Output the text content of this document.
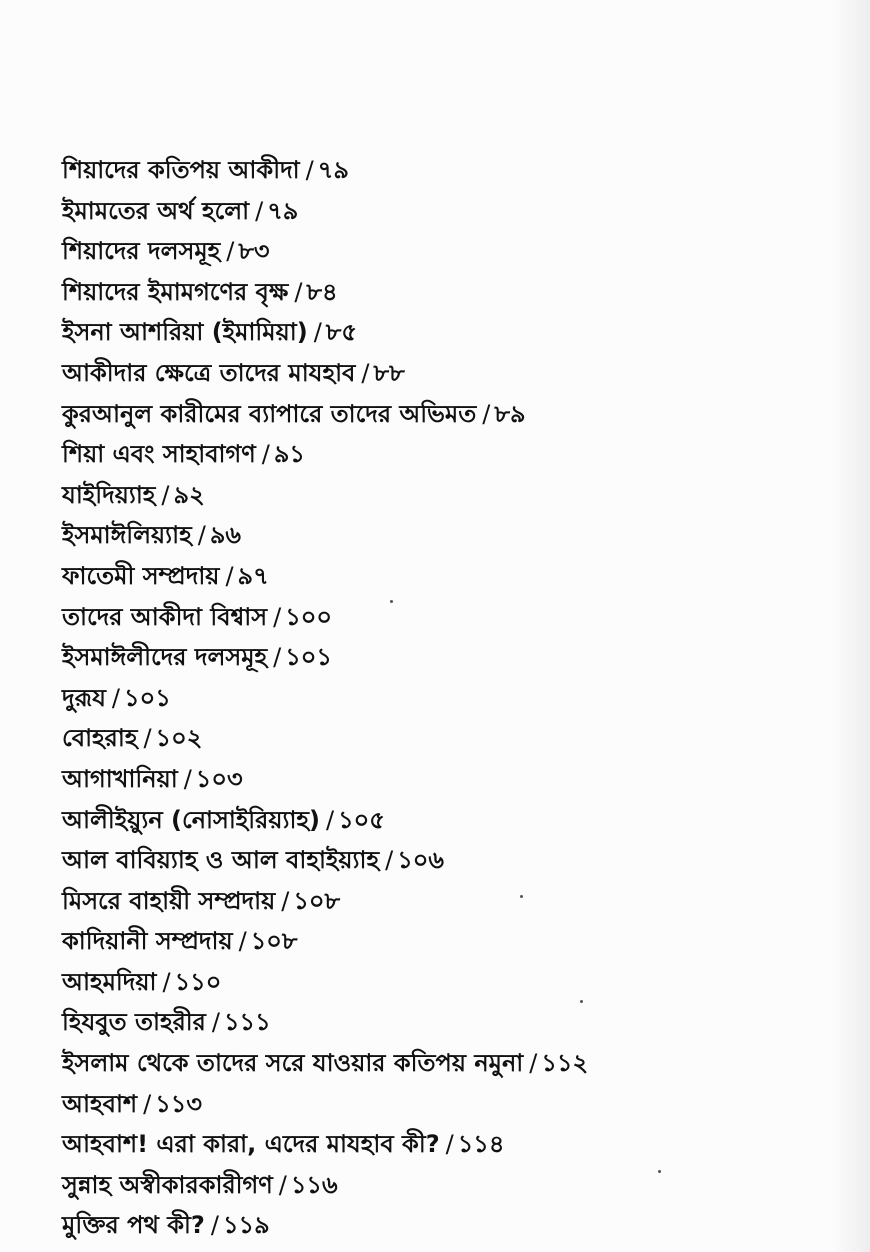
শিয়াদের কতিপয় আকীদা / ৭৯
ইমামতের অর্থ হলো / ৭৯
শিয়াদের দলসমূহ / ৮৩
শিয়াদের ইমামগণের বৃক্ষ / ৮৪
ইসনা আশরিয়া (ইমামিয়া) / ৮৫
আকীদার ক্ষেত্রে তাদের মাযহাব / ৮৮
কুরআনুল কারীমের ব্যাপারে তাদের অভিমত / ৮৯
শিয়া এবং সাহাবাগণ / ৯১
যাইদিয়্যাহ / ৯২
ইসমাঈলিয়্যাহ / ৯৬
ফাতেমী সম্প্রদায় / ৯৭
তাদের আকীদা বিশ্বাস / ১০০
ইসমাঈলীদের দলসমূহ / ১০১
দুরূয / ১০১
বোহরাহ / ১০২
আগাখানিয়া / ১০৩
আলীইয়্যুন (নোসাইরিয়্যাহ) / ১০৫
আল বাবিয়্যাহ ও আল বাহাইয়্যাহ / ১০৬
মিসরে বাহায়ী সম্প্রদায় / ১০৮
কাদিয়ানী সম্প্রদায় / ১০৮
আহমদিয়া / ১১০
হিযবুত তাহরীর / ১১১
ইসলাম থেকে তাদের সরে যাওয়ার কতিপয় নমুনা / ১১২
আহবাশ / ১১৩
আহবাশ! এরা কারা, এদের মাযহাব কী? / ১১৪
সুন্নাহ অস্বীকারকারীগণ / ১১৬
মুক্তির পথ কী? / ১১৯
